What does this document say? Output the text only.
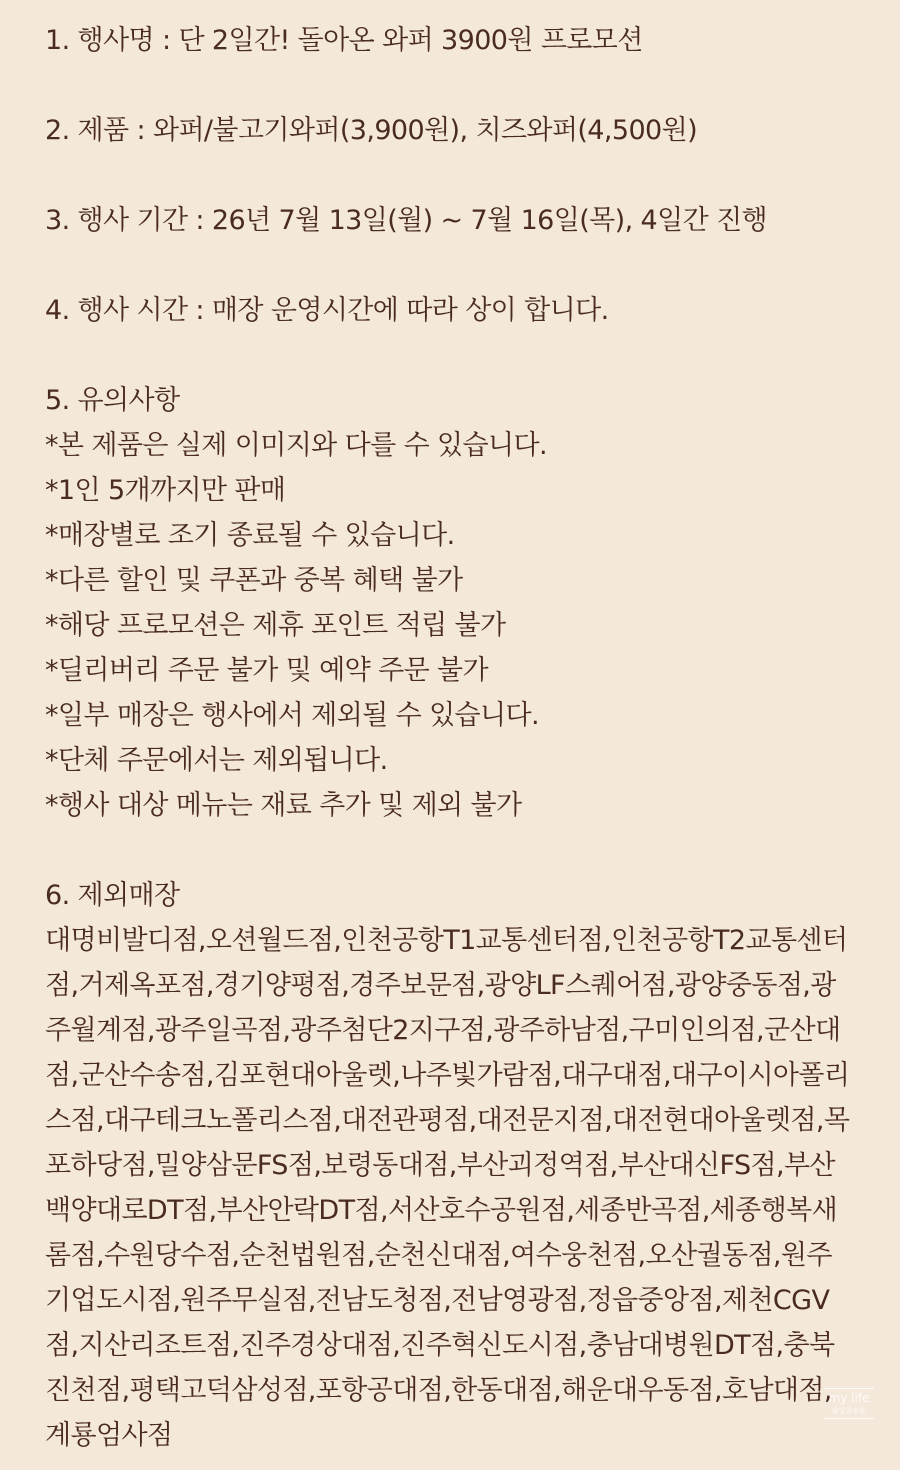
1. 행사명 : 단 2일간! 돌아온 와퍼 3900원 프로모션
2. 제품 : 와퍼/불고기와퍼(3,900원), 치즈와퍼(4,500원)
3. 행사 기간 : 26년 7월 13일(월) ~ 7월 16일(목), 4일간 진행
4. 행사 시간 : 매장 운영시간에 따라 상이 합니다.
5. 유의사항
*본 제품은 실제 이미지와 다를 수 있습니다.
*1인 5개까지만 판매
*매장별로 조기 종료될 수 있습니다.
*다른 할인 및 쿠폰과 중복 혜택 불가
*해당 프로모션은 제휴 포인트 적립 불가
*딜리버리 주문 불가 및 예약 주문 불가
*일부 매장은 행사에서 제외될 수 있습니다.
*단체 주문에서는 제외됩니다.
*행사 대상 메뉴는 재료 추가 및 제외 불가
6. 제외매장
대명비발디점,오션월드점,인천공항T1교통센터점,인천공항T2교통센터점,거제옥포점,경기양평점,경주보문점,광양LF스퀘어점,광양중동점,광주월계점,광주일곡점,광주첨단2지구점,광주하남점,구미인의점,군산대점,군산수송점,김포현대아울렛,나주빛가람점,대구대점,대구이시아폴리스점,대구테크노폴리스점,대전관평점,대전문지점,대전현대아울렛점,목포하당점,밀양삼문FS점,보령동대점,부산괴정역점,부산대신FS점,부산백양대로DT점,부산안락DT점,서산호수공원점,세종반곡점,세종행복새롬점,수원당수점,순천법원점,순천신대점,여수웅천점,오산궐동점,원주기업도시점,원주무실점,전남도청점,전남영광점,정읍중앙점,제천CGV점,지산리조트점,진주경상대점,진주혁신도시점,충남대병원DT점,충북진천점,평택고덕삼성점,포항공대점,한동대점,해운대우동점,호남대점,계룡엄사점
my life
@달콤솜솜
